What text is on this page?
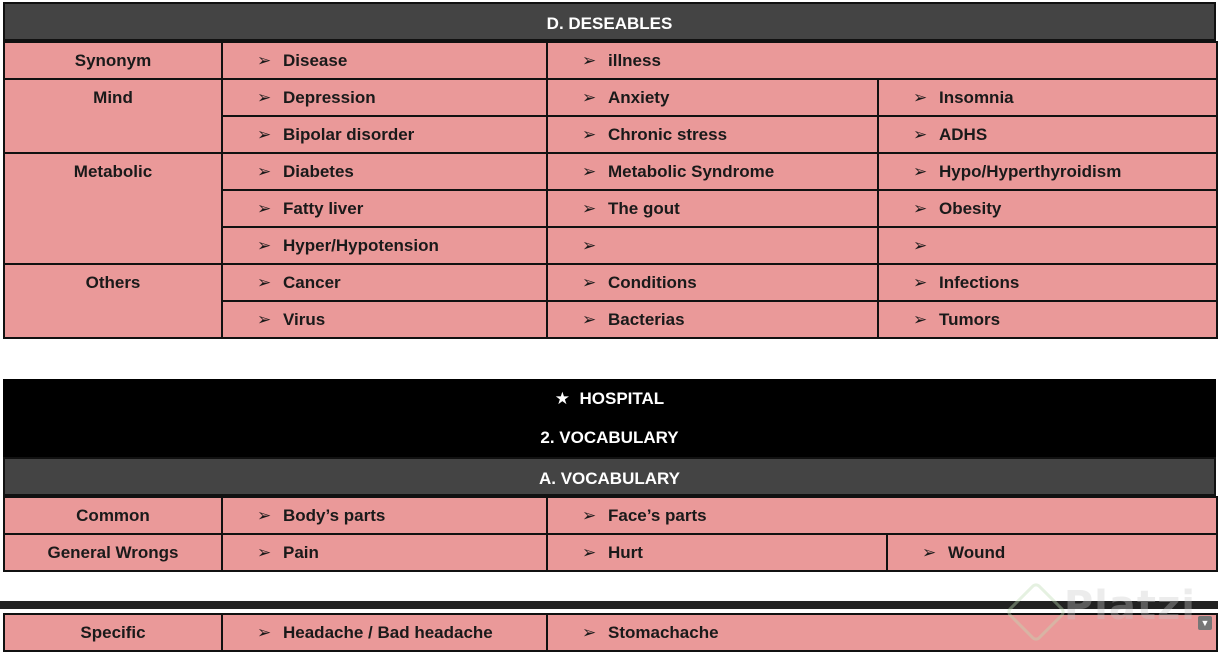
D. DESEABLES
Synonym	➢ Disease	➢ illness	
Mind	➢ Depression	➢ Anxiety	➢ Insomnia
	➢ Bipolar disorder	➢ Chronic stress	➢ ADHS
Metabolic	➢ Diabetes	➢ Metabolic Syndrome	➢ Hypo/Hyperthyroidism
	➢ Fatty liver	➢ The gout	➢ Obesity
	➢ Hyper/Hypotension	➢	➢
Others	➢ Cancer	➢ Conditions	➢ Infections
	➢ Virus	➢ Bacterias	➢ Tumors
★ HOSPITAL
2. VOCABULARY
A. VOCABULARY
Common	➢ Body’s parts	➢ Face’s parts	
General Wrongs	➢ Pain	➢ Hurt	➢ Wound
Specific	➢ Headache / Bad headache	➢ Stomachache
Platzi ▼
